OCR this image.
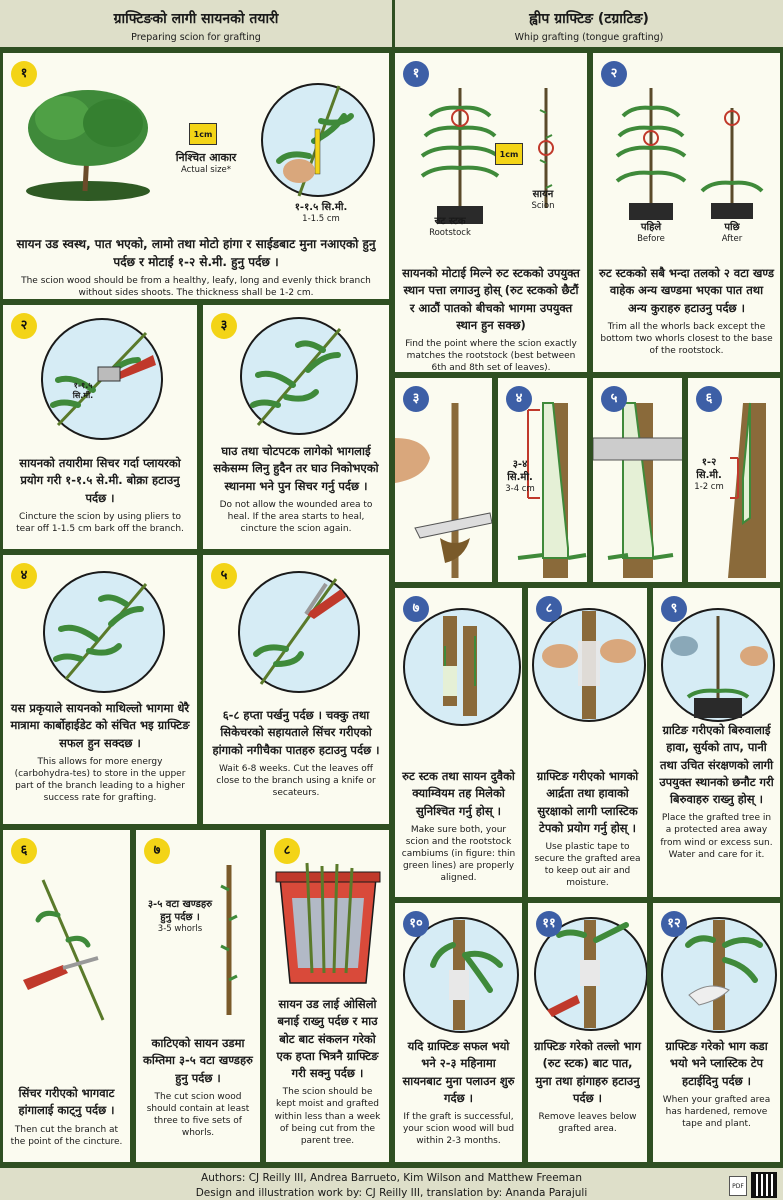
ग्राफ्टिङको लागी सायनको तयारी
Preparing scion for grafting
ह्वीप ग्राफ्टिङ (टग्राटिङ)
Whip grafting (tongue grafting)
१
1cm
निश्चित आकार
Actual size*
१-१.५ सि.मी.
1-1.5 cm
सायन उड स्वस्थ, पात भएको, लामो तथा मोटो हांगा र साईडबाट मुना नआएको हुनु पर्दछ र मोटाई १-२ से.मी. हुनु पर्दछ ।
The scion wood should be from a healthy, leafy, long and evenly thick branch without sides shoots. The thickness shall be 1-2 cm.
२
१-१.५ सि.मी.
सायनको तयारीमा सिचर गर्दा प्लायरको प्रयोग गरी १-१.५ से.मी. बोक्रा हटाउनु पर्दछ ।
Cincture the scion by using pliers to tear off 1-1.5 cm bark off the branch.
३
घाउ तथा चोटपटक लागेको भागलाई सकेसम्म लिनु हुदैन तर घाउ निकोभएको स्थानमा भने पुन सिचर गर्नु पर्दछ ।
Do not allow the wounded area to heal. If the area starts to heal, cincture the scion again.
४
यस प्रकृयाले सायनको माथिल्लो भागमा धेरै मात्रामा कार्बोहाईडेट को संचित भइ ग्राफ्टिङ सफल हुन सक्दछ ।
This allows for more energy (carbohydra-tes) to store in the upper part of the branch leading to a higher success rate for grafting.
५
६-८ हप्ता पर्खनु पर्दछ । चक्कु तथा सिकेचरको सहायताले सिंचर गरीएको हांगाको नगीचैका पातहरु हटाउनु पर्दछ ।
Wait 6-8 weeks. Cut the leaves off close to the branch using a knife or secateurs.
६
सिंचर गरीएको भागवाट हांगालाई काट्नु पर्दछ ।
Then cut the branch at the point of the cincture.
७
३-५ वटा खण्डहरु हुनु पर्दछ ।
3-5 whorls
काटिएको सायन उडमा कम्तिमा ३-५ वटा खण्डहरु हुनु पर्दछ ।
The cut scion wood should contain at least three to five sets of whorls.
८
सायन उड लाई ओसिलो बनाई राख्नु पर्दछ र माउ बोट बाट संकलन गरेको एक हप्ता भित्रनै ग्राफ्टिङ गरी सक्नु पर्दछ ।
The scion should be kept moist and grafted within less than a week of being cut from the parent tree.
१
1cm
रुट स्टक
Rootstock
सायन
Scion
सायनको मोटाई मिल्ने रुट स्टकको उपयुक्त स्थान पत्ता लगाउनु होस् (रुट स्टकको छैटौं र आठौं पातको बीचको भागमा उपयुक्त स्थान हुन सक्छ)
Find the point where the scion exactly matches the rootstock (best between 6th and 8th set of leaves).
२
पहिले
Before
पछि
After
रुट स्टकको सबै भन्दा तलको २ वटा खण्ड वाहेक अन्य खण्डमा भएका पात तथा अन्य कुराहरु हटाउनु पर्दछ ।
Trim all the whorls back except the bottom two whorls closest to the base of the rootstock.
३	४
३-४ सि.मी.
3-4 cm
५	६
१-२ सि.मी.
1-2 cm
७
रुट स्टक तथा सायन दुवैको क्याम्वियम तह मिलेको सुनिश्चित गर्नु होस् ।
Make sure both, your scion and the rootstock cambiums (in figure: thin green lines) are properly aligned.
८
ग्राफ्टिङ गरीएको भागको आर्द्रता तथा हावाको सुरक्षाको लागी प्लास्टिक टेपको प्रयोग गर्नु होस् ।
Use plastic tape to secure the grafted area to keep out air and moisture.
९
ग्राटिङ गरीएको बिरुवालाई हावा, सुर्यको ताप, पानी तथा उचित संरक्षणको लागी उपयुक्त स्थानको छनौट गरी बिरुवाहरु राख्नु होस् ।
Place the grafted tree in a protected area away from wind or excess sun. Water and care for it.
१०
यदि ग्राफ्टिङ सफल भयो भने २-३ महिनामा सायनबाट मुना पलाउन शुरु गर्दछ ।
If the graft is successful, your scion wood will bud within 2-3 months.
११
ग्राफ्टिङ गरेको तल्लो भाग (रुट स्टक) बाट पात, मुना तथा हांगाहरु हटाउनु पर्दछ ।
Remove leaves below grafted area.
१२
ग्राफ्टिङ गरेको भाग कडा भयो भने प्लास्टिक टेप हटाईदिनु पर्दछ ।
When your grafted area has hardened, remove tape and plant.
Authors: CJ Reilly III, Andrea Barrueto, Kim Wilson and Matthew Freeman
Design and illustration work by: CJ Reilly III, translation by: Ananda Parajuli
PDF
